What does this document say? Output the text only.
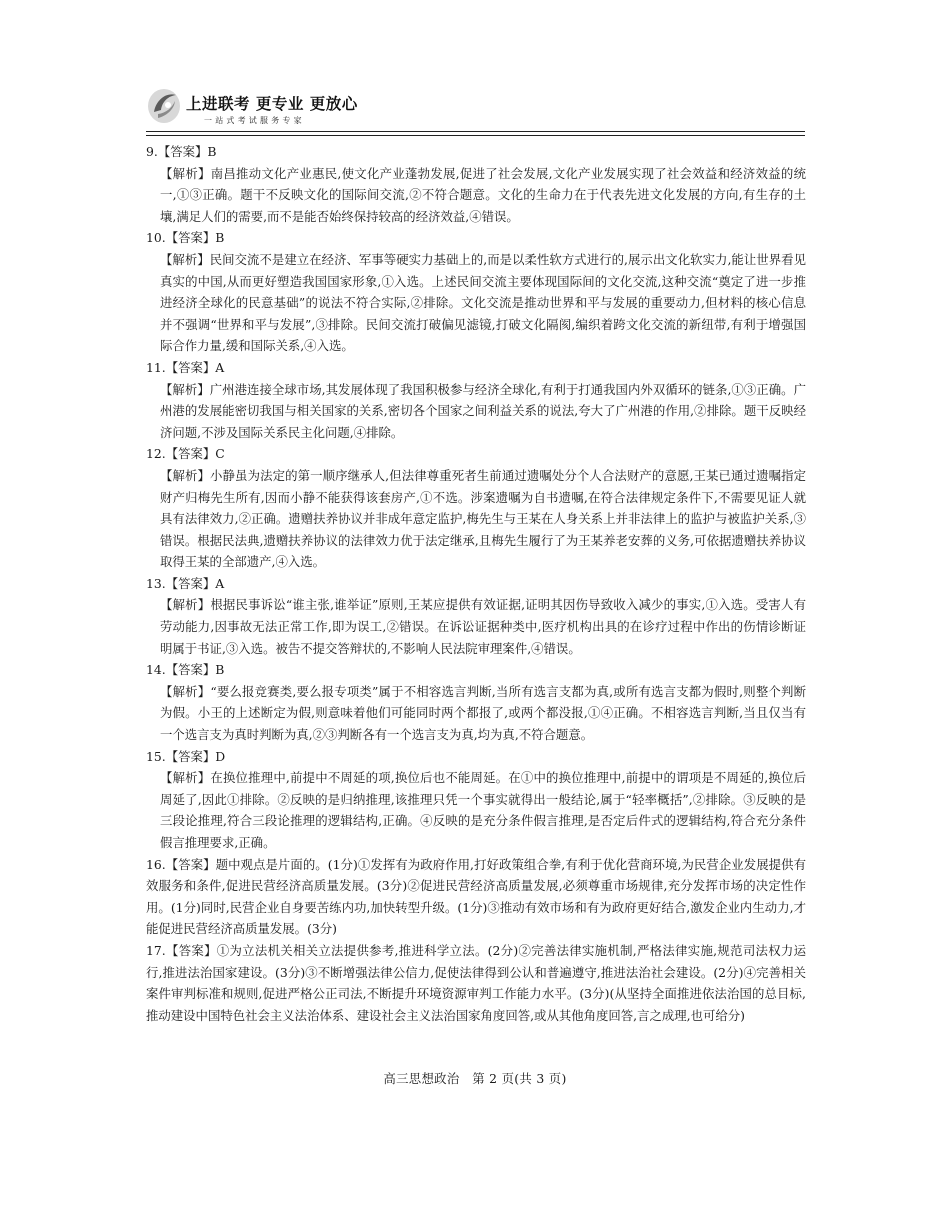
上进联考 更专业 更放心
一站式考试服务专家

9.【答案】B

【解析】南昌推动文化产业惠民,使文化产业蓬勃发展,促进了社会发展,文化产业发展实现了社会效益和经济效益的统一,①③正确。题干不反映文化的国际间交流,②不符合题意。文化的生命力在于代表先进文化发展的方向,有生存的土壤,满足人们的需要,而不是能否始终保持较高的经济效益,④错误。

10.【答案】B

【解析】民间交流不是建立在经济、军事等硬实力基础上的,而是以柔性软方式进行的,展示出文化软实力,能让世界看见真实的中国,从而更好塑造我国国家形象,①入选。上述民间交流主要体现国际间的文化交流,这种交流“奠定了进一步推进经济全球化的民意基础”的说法不符合实际,②排除。文化交流是推动世界和平与发展的重要动力,但材料的核心信息并不强调“世界和平与发展”,③排除。民间交流打破偏见滤镜,打破文化隔阂,编织着跨文化交流的新纽带,有利于增强国际合作力量,缓和国际关系,④入选。

11.【答案】A

【解析】广州港连接全球市场,其发展体现了我国积极参与经济全球化,有利于打通我国内外双循环的链条,①③正确。广州港的发展能密切我国与相关国家的关系,密切各个国家之间利益关系的说法,夸大了广州港的作用,②排除。题干反映经济问题,不涉及国际关系民主化问题,④排除。

12.【答案】C

【解析】小静虽为法定的第一顺序继承人,但法律尊重死者生前通过遗嘱处分个人合法财产的意愿,王某已通过遗嘱指定财产归梅先生所有,因而小静不能获得该套房产,①不选。涉案遗嘱为自书遗嘱,在符合法律规定条件下,不需要见证人就具有法律效力,②正确。遗赠扶养协议并非成年意定监护,梅先生与王某在人身关系上并非法律上的监护与被监护关系,③错误。根据民法典,遗赠扶养协议的法律效力优于法定继承,且梅先生履行了为王某养老安葬的义务,可依据遗赠扶养协议取得王某的全部遗产,④入选。

13.【答案】A

【解析】根据民事诉讼“谁主张,谁举证”原则,王某应提供有效证据,证明其因伤导致收入减少的事实,①入选。受害人有劳动能力,因事故无法正常工作,即为误工,②错误。在诉讼证据种类中,医疗机构出具的在诊疗过程中作出的伤情诊断证明属于书证,③入选。被告不提交答辩状的,不影响人民法院审理案件,④错误。

14.【答案】B

【解析】“要么报竞赛类,要么报专项类”属于不相容选言判断,当所有选言支都为真,或所有选言支都为假时,则整个判断为假。小王的上述断定为假,则意味着他们可能同时两个都报了,或两个都没报,①④正确。不相容选言判断,当且仅当有一个选言支为真时判断为真,②③判断各有一个选言支为真,均为真,不符合题意。

15.【答案】D

【解析】在换位推理中,前提中不周延的项,换位后也不能周延。在①中的换位推理中,前提中的谓项是不周延的,换位后周延了,因此①排除。②反映的是归纳推理,该推理只凭一个事实就得出一般结论,属于“轻率概括”,②排除。③反映的是三段论推理,符合三段论推理的逻辑结构,正确。④反映的是充分条件假言推理,是否定后件式的逻辑结构,符合充分条件假言推理要求,正确。

16.【答案】题中观点是片面的。(1分)①发挥有为政府作用,打好政策组合拳,有利于优化营商环境,为民营企业发展提供有效服务和条件,促进民营经济高质量发展。(3分)②促进民营经济高质量发展,必须尊重市场规律,充分发挥市场的决定性作用。(1分)同时,民营企业自身要苦练内功,加快转型升级。(1分)③推动有效市场和有为政府更好结合,激发企业内生动力,才能促进民营经济高质量发展。(3分)

17.【答案】①为立法机关相关立法提供参考,推进科学立法。(2分)②完善法律实施机制,严格法律实施,规范司法权力运行,推进法治国家建设。(3分)③不断增强法律公信力,促使法律得到公认和普遍遵守,推进法治社会建设。(2分)④完善相关案件审判标准和规则,促进严格公正司法,不断提升环境资源审判工作能力水平。(3分)(从坚持全面推进依法治国的总目标,推动建设中国特色社会主义法治体系、建设社会主义法治国家角度回答,或从其他角度回答,言之成理,也可给分)

高三思想政治　第 2 页(共 3 页)
